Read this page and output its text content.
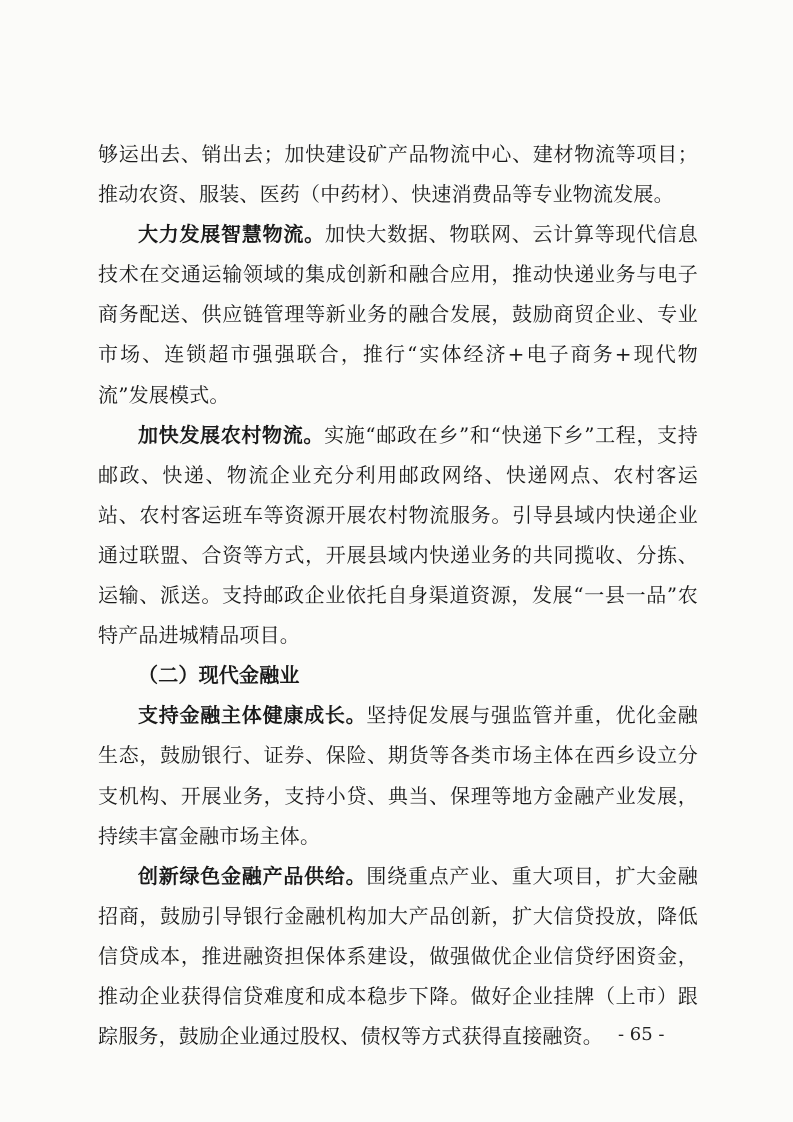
够运出去、销出去；加快建设矿产品物流中心、建材物流等项目；推动农资、服装、医药（中药材）、快速消费品等专业物流发展。

大力发展智慧物流。加快大数据、物联网、云计算等现代信息技术在交通运输领域的集成创新和融合应用，推动快递业务与电子商务配送、供应链管理等新业务的融合发展，鼓励商贸企业、专业市场、连锁超市强强联合，推行“实体经济+电子商务+现代物流”发展模式。

加快发展农村物流。实施“邮政在乡”和“快递下乡”工程，支持邮政、快递、物流企业充分利用邮政网络、快递网点、农村客运站、农村客运班车等资源开展农村物流服务。引导县域内快递企业通过联盟、合资等方式，开展县域内快递业务的共同揽收、分拣、运输、派送。支持邮政企业依托自身渠道资源，发展“一县一品”农特产品进城精品项目。

（二）现代金融业

支持金融主体健康成长。坚持促发展与强监管并重，优化金融生态，鼓励银行、证券、保险、期货等各类市场主体在西乡设立分支机构、开展业务，支持小贷、典当、保理等地方金融产业发展，持续丰富金融市场主体。

创新绿色金融产品供给。围绕重点产业、重大项目，扩大金融招商，鼓励引导银行金融机构加大产品创新，扩大信贷投放，降低信贷成本，推进融资担保体系建设，做强做优企业信贷纾困资金，推动企业获得信贷难度和成本稳步下降。做好企业挂牌（上市）跟踪服务，鼓励企业通过股权、债权等方式获得直接融资。 - 65 -
